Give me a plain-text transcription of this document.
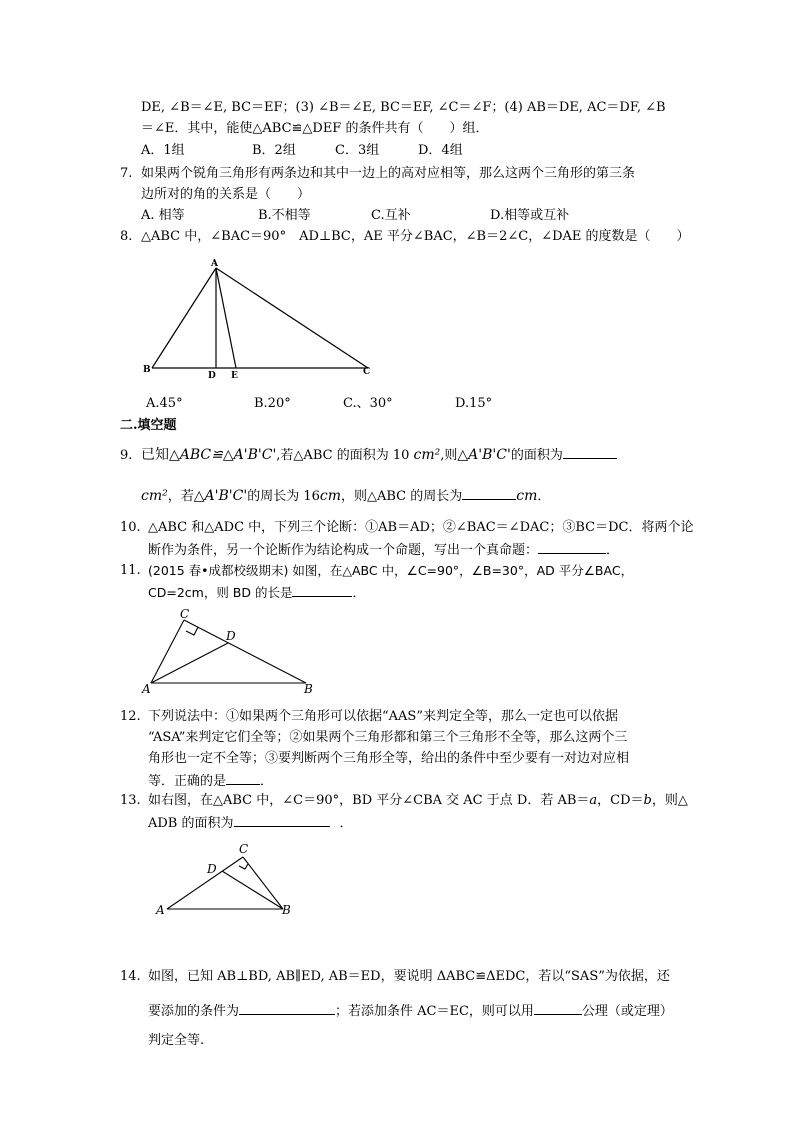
DE, ∠B＝∠E, BC＝EF；(3) ∠B＝∠E, BC＝EF, ∠C＝∠F；(4) AB＝DE, AC＝DF, ∠B
＝∠E．其中，能使△ABC≌△DEF 的条件共有（　　）组．
A．1组	B．2组	C．3组	D．4组
7. 如果两个锐角三角形有两条边和其中一边上的高对应相等，那么这两个三角形的第三条
边所对的角的关系是（　　）
A. 相等	B.不相等	C.互补	D.相等或互补
8. △ABC 中，∠BAC＝90°　AD⊥BC，AE 平分∠BAC，∠B＝2∠C，∠DAE 的度数是（　　）
A
B
D E	C
C
D
A	B
C
D
A	B
A.45°	B.20°	C.、30°	D.15°
二.填空题
9. 已知△ABC≌△A'B'C',若△ABC 的面积为 10 cm²,则△A'B'C'的面积为
cm²，若△A'B'C'的周长为 16cm，则△ABC 的周长为	cm．
10. △ABC 和△ADC 中，下列三个论断：①AB＝AD；②∠BAC＝∠DAC；③BC＝DC．将两个论
断作为条件，另一个论断作为结论构成一个命题，写出一个真命题：	．
11. (2015 春•成都校级期末) 如图，在△ABC 中，∠C=90°，∠B=30°，AD 平分∠BAC，
CD=2cm，则 BD 的长是	．
12. 下列说法中：①如果两个三角形可以依据“AAS”来判定全等，那么一定也可以依据
“ASA”来判定它们全等；②如果两个三角形都和第三个三角形不全等，那么这两个三
角形也一定不全等；③要判断两个三角形全等，给出的条件中至少要有一对边对应相
等．正确的是	．
13. 如右图，在△ABC 中，∠C＝90°，BD 平分∠CBA 交 AC 于点 D．若 AB＝a，CD＝b，则△
ADB 的面积为	．
14. 如图，已知 AB⊥BD, AB∥ED, AB＝ED，要说明 ΔABC≌ΔEDC，若以“SAS”为依据，还
要添加的条件为	；若添加条件 AC＝EC，则可以用	公理（或定理）
判定全等.
